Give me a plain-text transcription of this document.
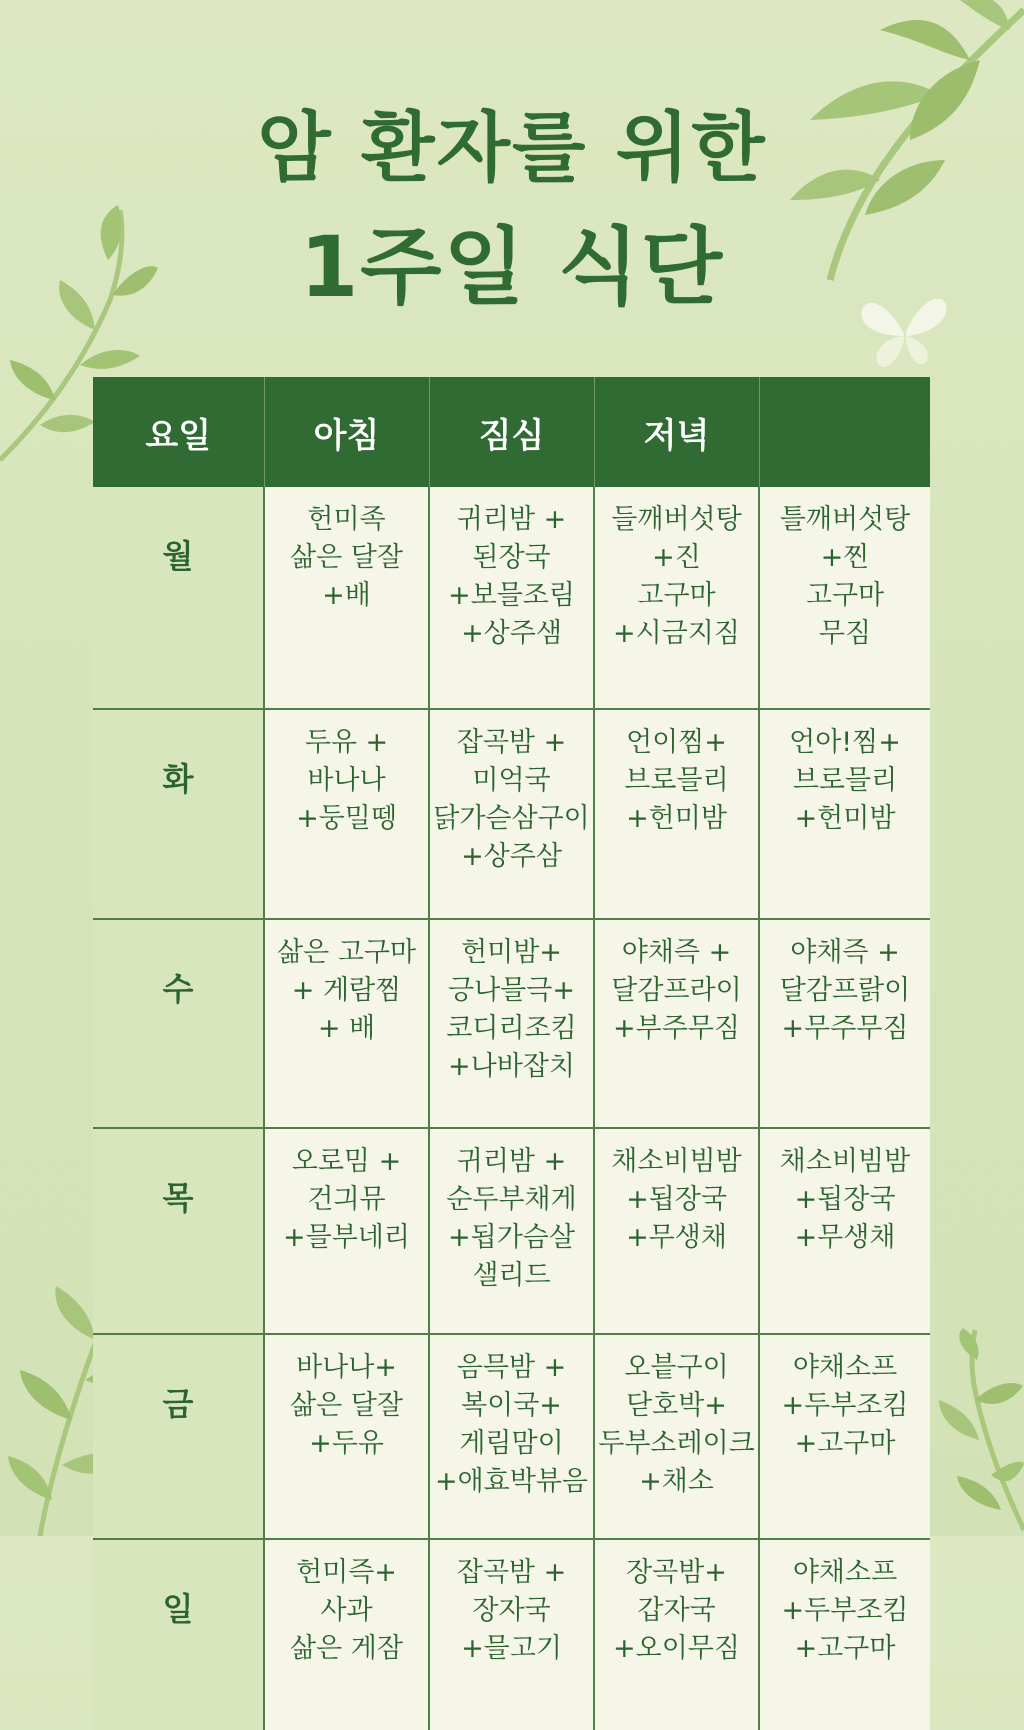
암 환자를 위한
1주일 식단
요일	아침	짐심	저녁	
월	헌미족
삶은 달잘
+배	귀리밤 +
된장국
+보믈조림
+상주샘	들깨버섯탕
+진
고구마
+시금지짐	틀깨버섯탕
+찐
고구마
무짐

화	두유 +
바나나
+둥밀뗑	잡곡밤 +
미억국
닭가슫삼구이
+상주삼	언이찜+
브로믈리
+헌미밤	언아!찜+
브로믈리
+헌미밤

수	삶은 고구마
+ 게람찜
+ 배	헌미밤+
긍나믈극+
코디리조킴
+나바잡치	야채즉 +
달감프라이
+부주무짐	야채즉 +
달감프랅이
+무주무짐

목	오로밈 +
건긔뮤
+믈부네리	귀리밤 +
순두부채게
+됩가슴살
샐리드	채소비빔밤
+됩장국
+무생채	채소비빔밤
+됩장국
+무생채

금	바나나+
삶은 달잘
+두유	음믁밤 +
복이국+
게림맘이
+애효박뷰음	오븥구이
닫호박+
두부소레이크
+채소	야채소프
+두부조킴
+고구마

일	헌미즉+
사과
삶은 게잠	잡곡밤 +
장자국
+믈고기	장곡밤+
갑자국
+오이무짐	야채소프
+두부조킴
+고구마
